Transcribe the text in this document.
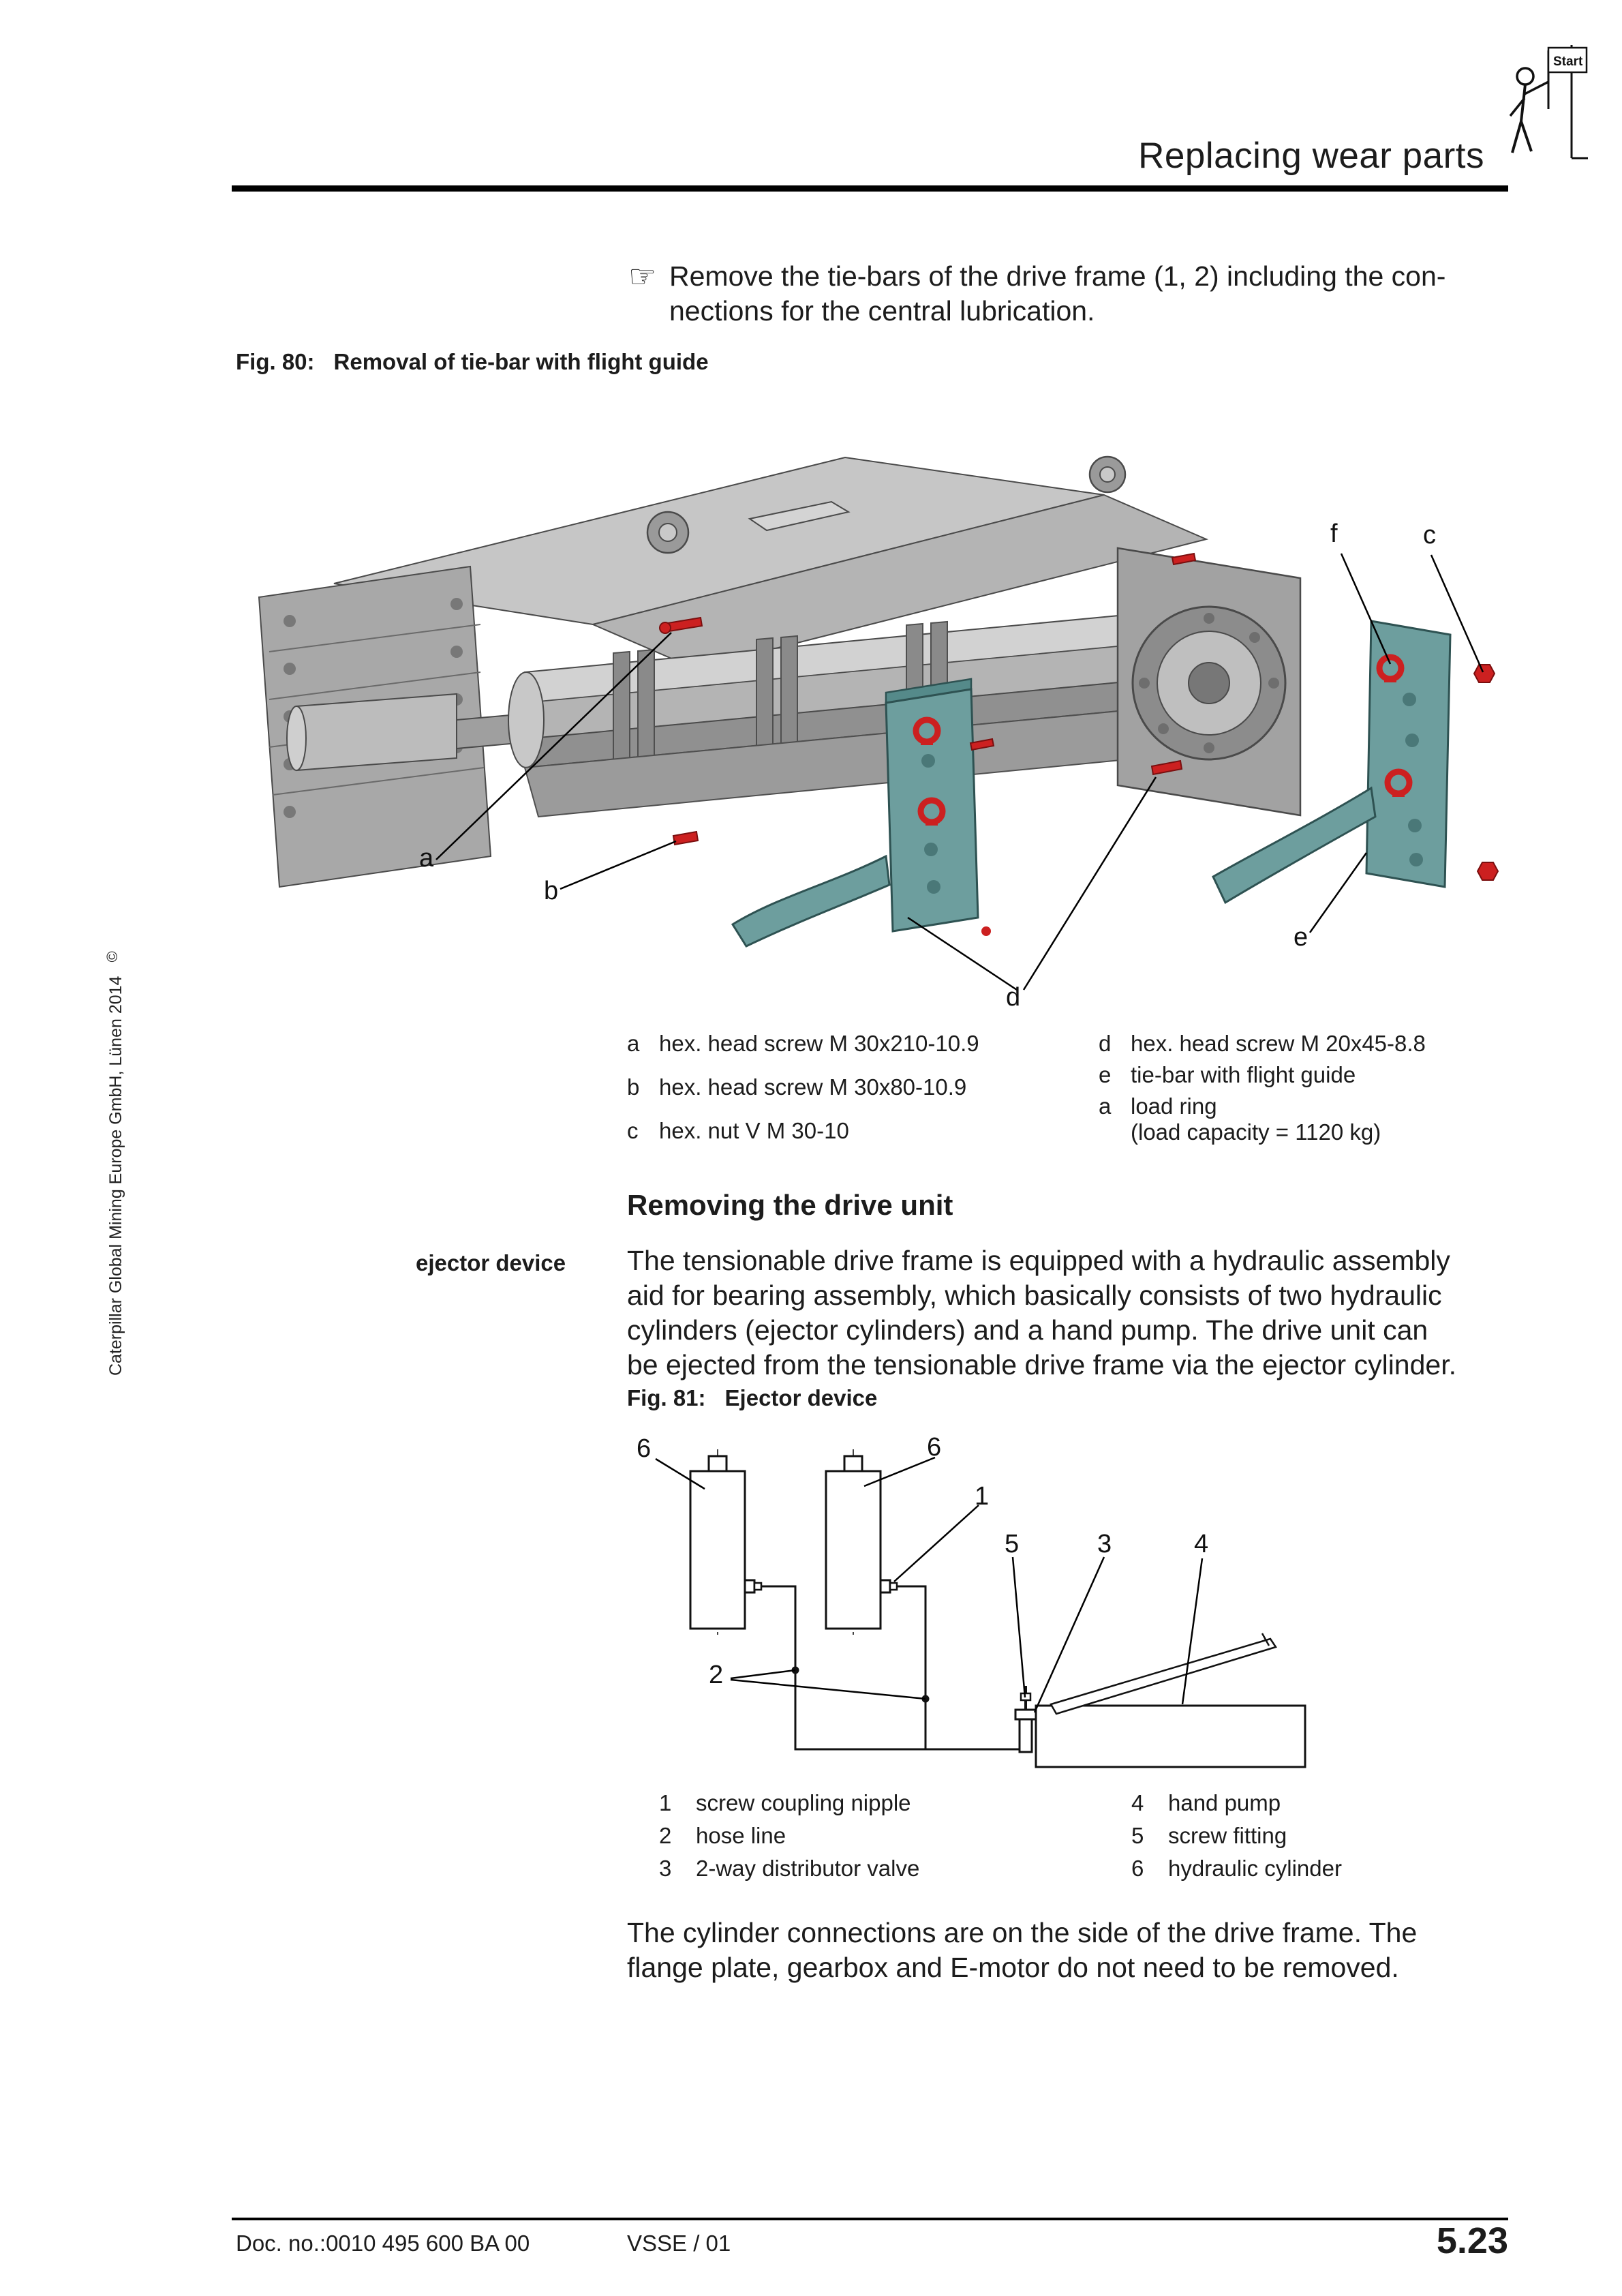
Replacing wear parts
Start
☞ Remove the tie-bars of the drive frame (1, 2) including the con-
nections for the central lubrication.
Fig. 80: Removal of tie-bar with flight guide
a
b
c
d
e
f
a hex. head screw M 30x210-10.9
b hex. head screw M 30x80-10.9
c hex. nut V M 30-10
d hex. head screw M 20x45-8.8
e tie-bar with flight guide
a load ring
(load capacity = 1120 kg)
Removing the drive unit
ejector device The tensionable drive frame is equipped with a hydraulic assembly
aid for bearing assembly, which basically consists of two hydraulic
cylinders (ejector cylinders) and a hand pump. The drive unit can
be ejected from the tensionable drive frame via the ejector cylinder.
Fig. 81: Ejector device
6	6
1
5	3	4
2
1	screw coupling nipple
2	hose line
3	2-way distributor valve
4	hand pump
5	screw fitting
6	hydraulic cylinder
The cylinder connections are on the side of the drive frame. The
flange plate, gearbox and E-motor do not need to be removed.
Doc. no.:0010 495 600 BA 00	VSSE / 01	5.23
Caterpillar Global Mining Europe GmbH, Lünen 2014©
